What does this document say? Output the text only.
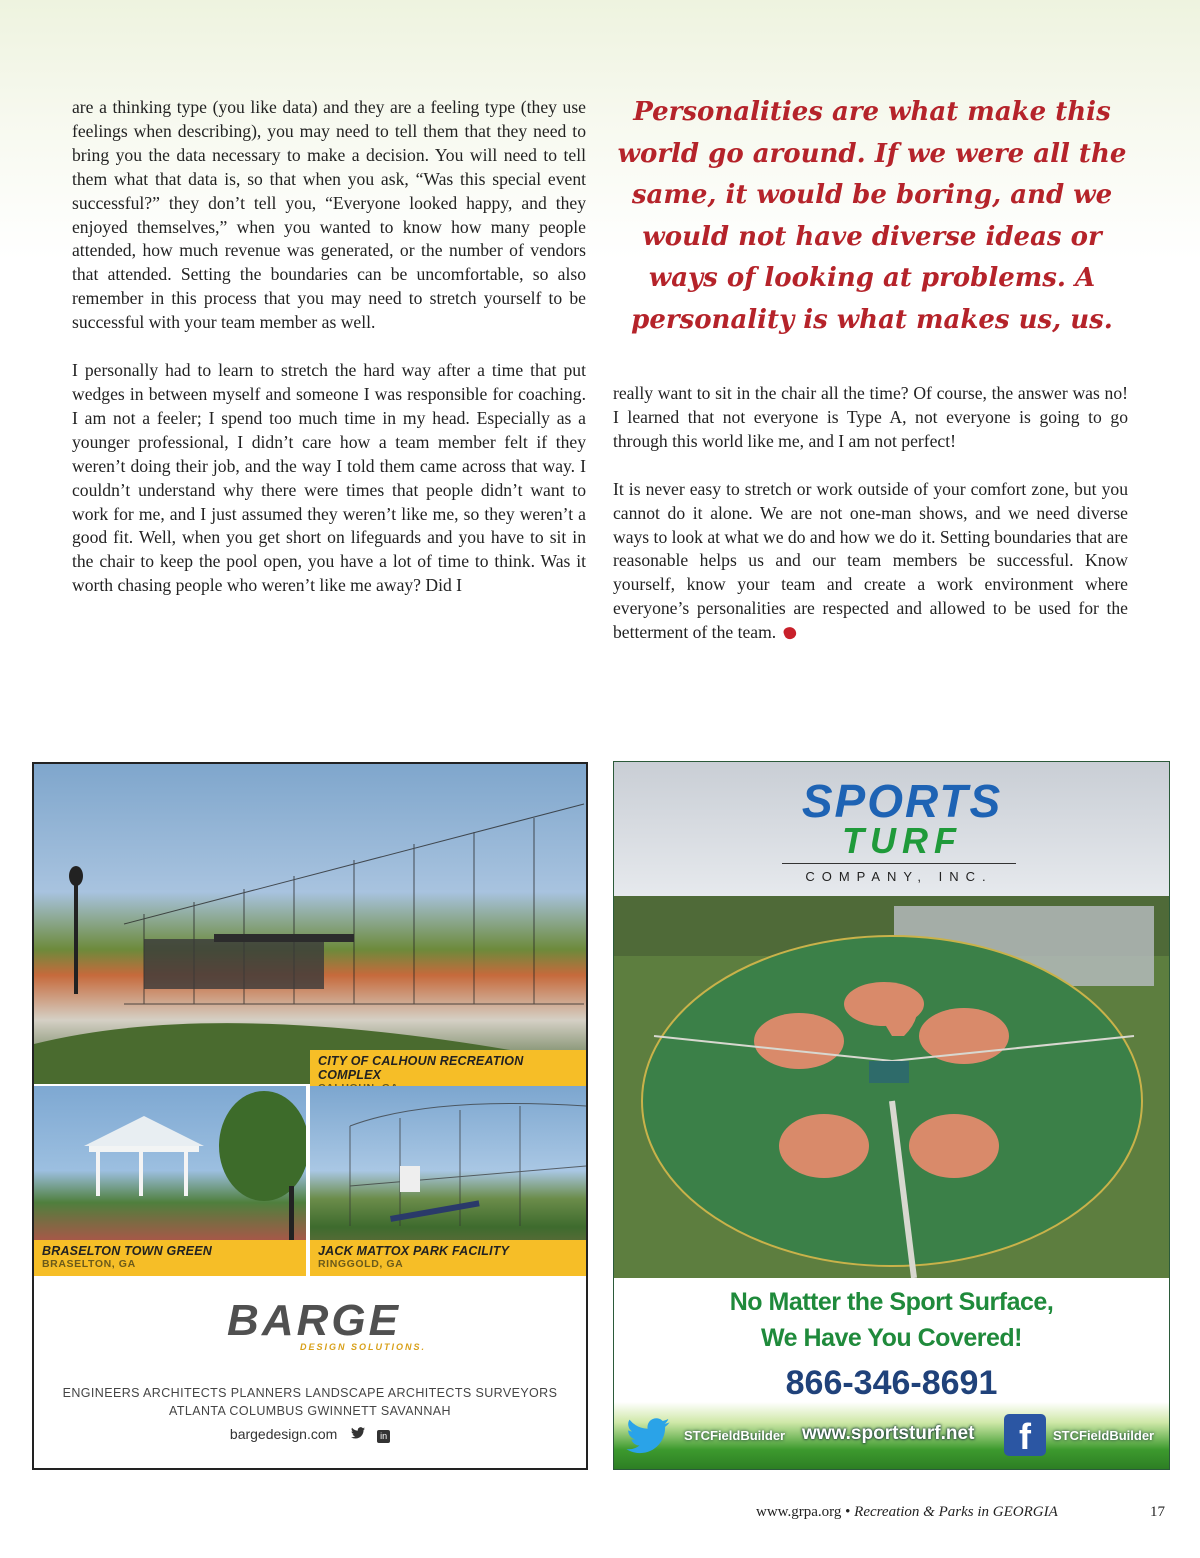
are a thinking type (you like data) and they are a feeling type (they use feelings when describing), you may need to tell them that they need to bring you the data necessary to make a decision. You will need to tell them what that data is, so that when you ask, “Was this special event successful?” they don’t tell you, “Everyone looked happy, and they enjoyed themselves,” when you wanted to know how many people attended, how much revenue was generated, or the number of vendors that attended. Setting the boundaries can be uncomfortable, so also remember in this process that you may need to stretch yourself to be successful with your team member as well.

I personally had to learn to stretch the hard way after a time that put wedges in between myself and someone I was responsible for coaching. I am not a feeler; I spend too much time in my head. Especially as a younger professional, I didn’t care how a team member felt if they weren’t doing their job, and the way I told them came across that way. I couldn’t understand why there were times that people didn’t want to work for me, and I just assumed they weren’t like me, so they weren’t a good fit. Well, when you get short on lifeguards and you have to sit in the chair to keep the pool open, you have a lot of time to think. Was it worth chasing people who weren’t like me away? Did I

Personalities are what make this world go around. If we were all the same, it would be boring, and we would not have diverse ideas or ways of looking at problems. A personality is what makes us, us.

really want to sit in the chair all the time? Of course, the answer was no! I learned that not everyone is Type A, not everyone is going to go through this world like me, and I am not perfect!

It is never easy to stretch or work outside of your comfort zone, but you cannot do it alone. We are not one-man shows, and we need diverse ways to look at what we do and how we do it. Setting boundaries that are reasonable helps us and our team members be successful. Know yourself, know your team and create a work environment where everyone’s personalities are respected and allowed to be used for the betterment of the team.

CITY OF CALHOUN RECREATION COMPLEX
BRASELTON TOWN GREEN
BRASELTON, GA
JACK MATTOX PARK FACILITY
RINGGOLD, GA
BARGE
DESIGN SOLUTIONS.
ENGINEERS ARCHITECTS PLANNERS LANDSCAPE ARCHITECTS SURVEYORS
ATLANTA COLUMBUS GWINNETT SAVANNAH
bargedesign.com	in
SPORTS
TURF
COMPANY, INC.
No Matter the Sport Surface,
We Have You Covered!
866-346-8691
STCFieldBuilder www.sportsturf.net	f	STCFieldBuilder
www.grpa.org • Recreation & Parks in GEORGIA	17
